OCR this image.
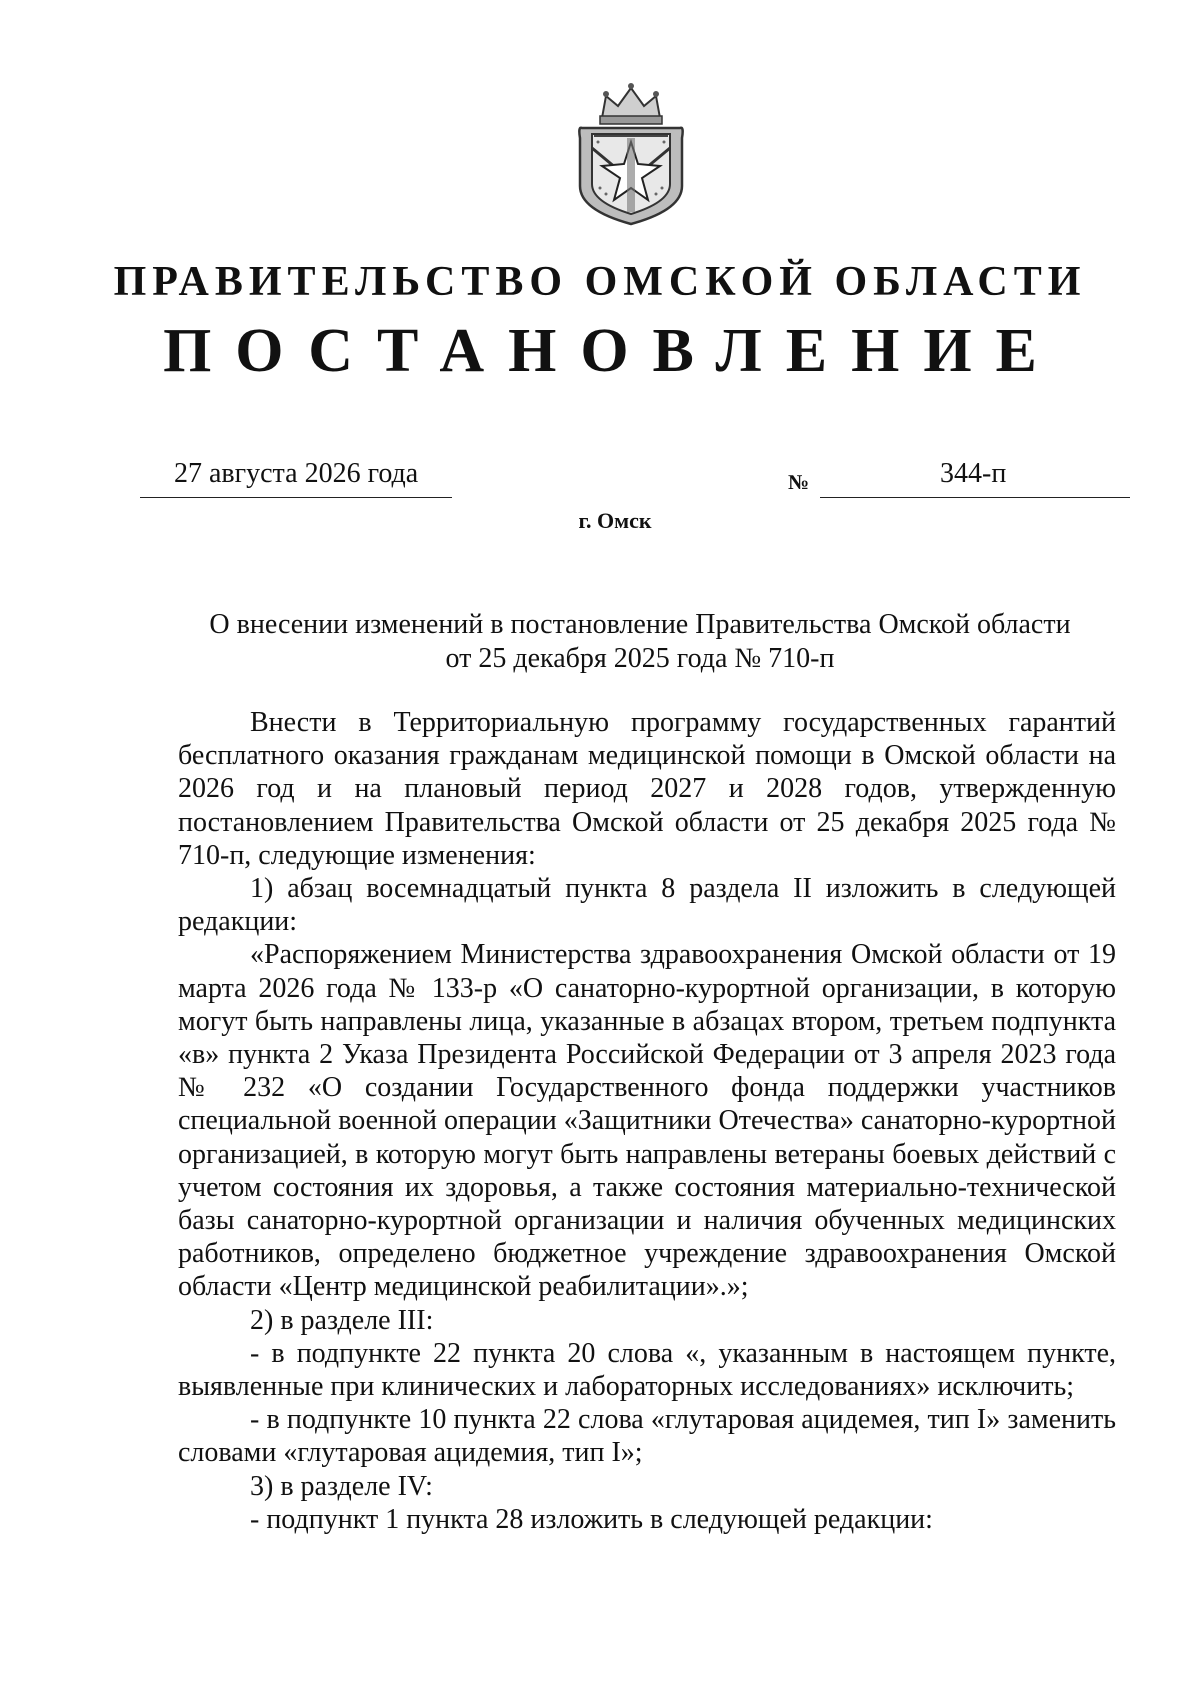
ПРАВИТЕЛЬСТВО ОМСКОЙ ОБЛАСТИ
ПОСТАНОВЛЕНИЕ
27 августа 2026 года	№	344-п
г. Омск
О внесении изменений в постановление Правительства Омской области
от 25 декабря 2025 года № 710-п

Внести в Территориальную программу государственных гарантий бесплатного оказания гражданам медицинской помощи в Омской области на 2026 год и на плановый период 2027 и 2028 годов, утвержденную постановлением Правительства Омской области от 25 декабря 2025 года № 710-п, следующие изменения:

1) абзац восемнадцатый пункта 8 раздела II изложить в следующей редакции:

«Распоряжением Министерства здравоохранения Омской области от 19 марта 2026 года № 133-р «О санаторно-курортной организации, в которую могут быть направлены лица, указанные в абзацах втором, третьем подпункта «в» пункта 2 Указа Президента Российской Федерации от 3 апреля 2023 года № 232 «О создании Государственного фонда поддержки участников специальной военной операции «Защитники Отечества» санаторно-курортной организацией, в которую могут быть направлены ветераны боевых действий с учетом состояния их здоровья, а также состояния материально-технической базы санаторно-курортной организации и наличия обученных медицинских работников, определено бюджетное учреждение здравоохранения Омской области «Центр медицинской реабилитации».»;

2) в разделе III:

- в подпункте 22 пункта 20 слова «, указанным в настоящем пункте, выявленные при клинических и лабораторных исследованиях» исключить;

- в подпункте 10 пункта 22 слова «глутаровая ацидемея, тип I» заменить словами «глутаровая ацидемия, тип I»;

3) в разделе IV:

- подпункт 1 пункта 28 изложить в следующей редакции:
